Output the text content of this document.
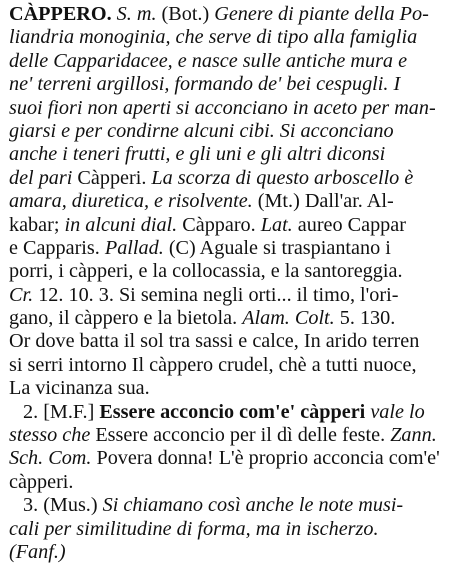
CÀPPERO. S. m. (Bot.) Genere di piante della Po-
liandria monoginia, che serve di tipo alla famiglia
delle Capparidacee, e nasce sulle antiche mura e
ne' terreni argillosi, formando de' bei cespugli. I
suoi fiori non aperti si acconciano in aceto per man-
giarsi e per condirne alcuni cibi. Si acconciano
anche i teneri frutti, e gli uni e gli altri diconsi
del pari Càpperi. La scorza di questo arboscello è
amara, diuretica, e risolvente. (Mt.) Dall'ar. Al-
kabar; in alcuni dial. Càpparo. Lat. aureo Cappar
e Capparis. Pallad. (C) Aguale si traspiantano i
porri, i càpperi, e la collocassia, e la santoreggia.
Cr. 12. 10. 3. Si semina negli orti... il timo, l'ori-
gano, il càppero e la bietola. Alam. Colt. 5. 130.
Or dove batta il sol tra sassi e calce, In arido terren
si serri intorno Il càppero crudel, chè a tutti nuoce,
La vicinanza sua.
2. [M.F.] Essere acconcio com'e' càpperi vale lo
stesso che Essere acconcio per il dì delle feste. Zann.
Sch. Com. Povera donna! L'è proprio acconcia com'e'
càpperi.
3. (Mus.) Si chiamano così anche le note musi-
cali per similitudine di forma, ma in ischerzo.
(Fanf.)
